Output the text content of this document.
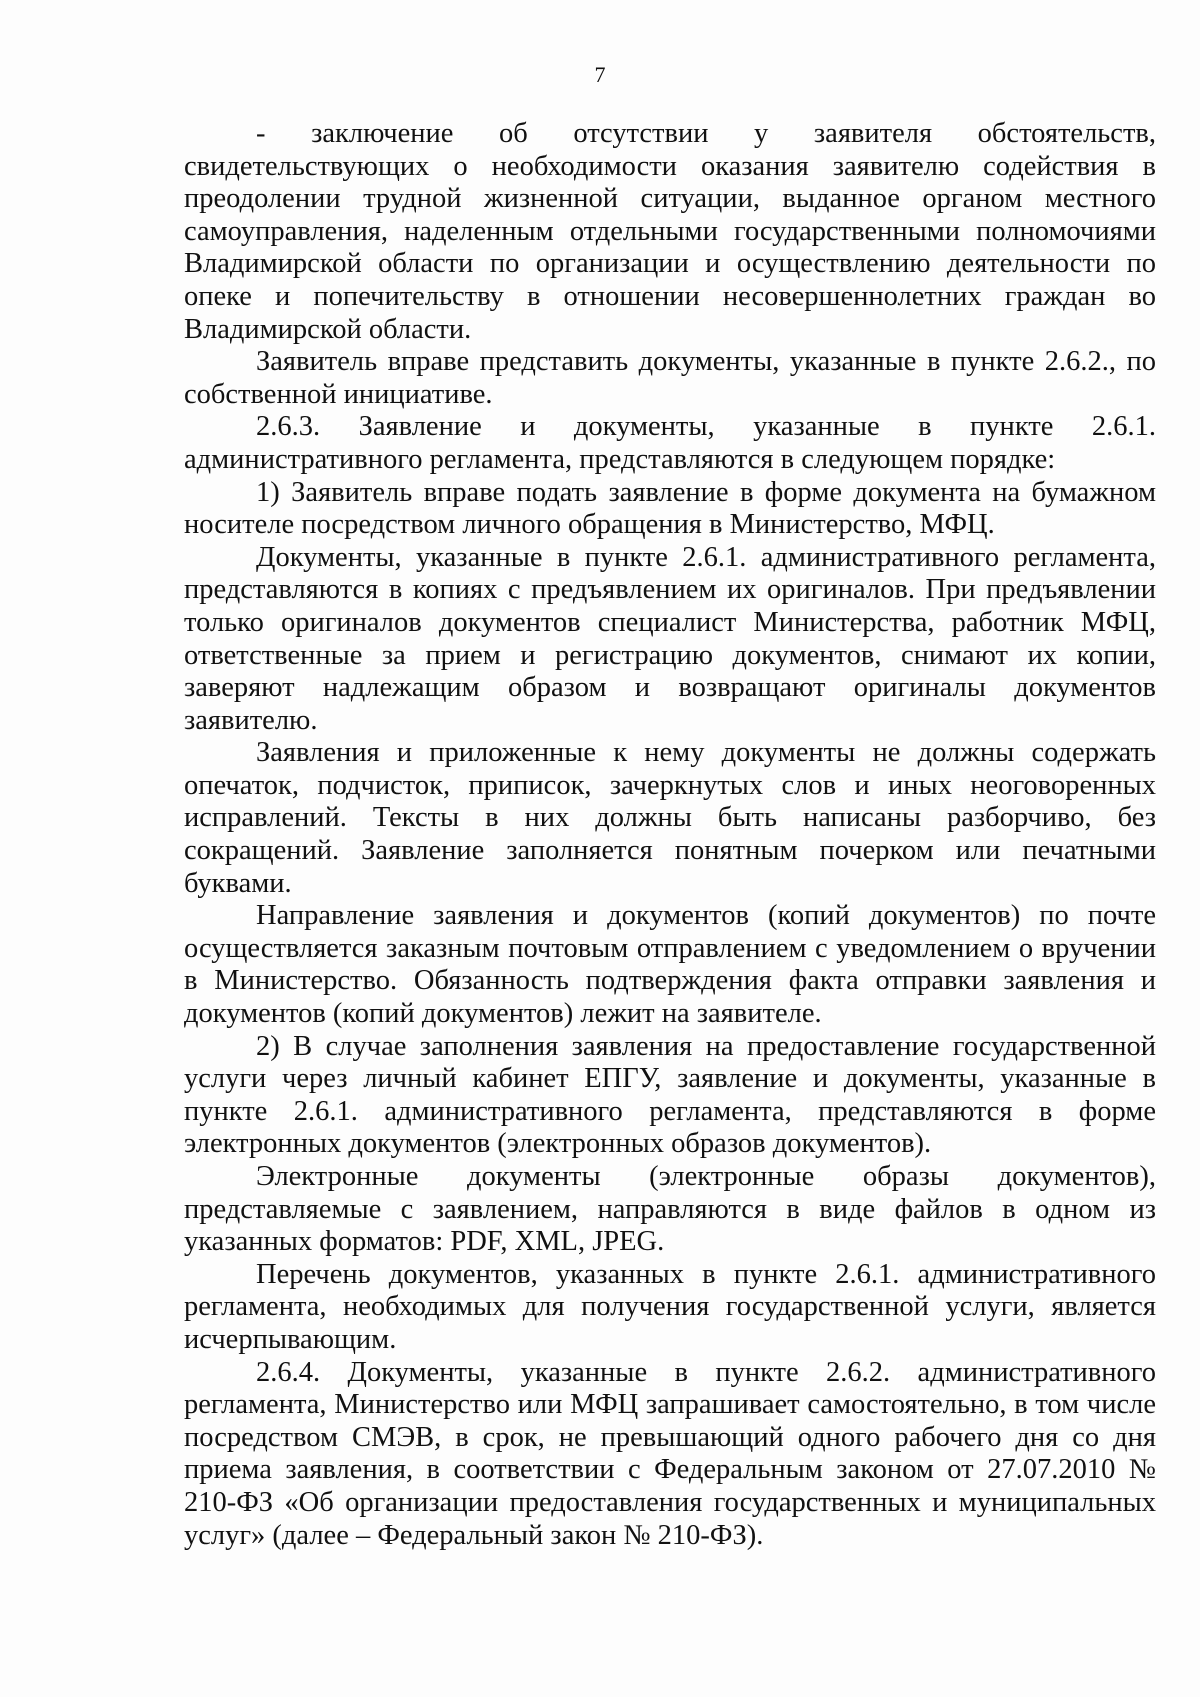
7

- заключение об отсутствии у заявителя обстоятельств, свидетельствующих о необходимости оказания заявителю содействия в преодолении трудной жизненной ситуации, выданное органом местного самоуправления, наделенным отдельными государственными полномочиями Владимирской области по организации и осуществлению деятельности по опеке и попечительству в отношении несовершеннолетних граждан во Владимирской области.

Заявитель вправе представить документы, указанные в пункте 2.6.2., по собственной инициативе.

2.6.3. Заявление и документы, указанные в пункте 2.6.1. административного регламента, представляются в следующем порядке:

1) Заявитель вправе подать заявление в форме документа на бумажном носителе посредством личного обращения в Министерство, МФЦ.

Документы, указанные в пункте 2.6.1. административного регламента, представляются в копиях с предъявлением их оригиналов. При предъявлении только оригиналов документов специалист Министерства, работник МФЦ, ответственные за прием и регистрацию документов, снимают их копии, заверяют надлежащим образом и возвращают оригиналы документов заявителю.

Заявления и приложенные к нему документы не должны содержать опечаток, подчисток, приписок, зачеркнутых слов и иных неоговоренных исправлений. Тексты в них должны быть написаны разборчиво, без сокращений. Заявление заполняется понятным почерком или печатными буквами.

Направление заявления и документов (копий документов) по почте осуществляется заказным почтовым отправлением с уведомлением о вручении в Министерство. Обязанность подтверждения факта отправки заявления и документов (копий документов) лежит на заявителе.

2) В случае заполнения заявления на предоставление государственной услуги через личный кабинет ЕПГУ, заявление и документы, указанные в пункте 2.6.1. административного регламента, представляются в форме электронных документов (электронных образов документов).

Электронные документы (электронные образы документов), представляемые с заявлением, направляются в виде файлов в одном из указанных форматов: PDF, XML, JPEG.

Перечень документов, указанных в пункте 2.6.1. административного регламента, необходимых для получения государственной услуги, является исчерпывающим.

2.6.4. Документы, указанные в пункте 2.6.2. административного регламента, Министерство или МФЦ запрашивает самостоятельно, в том числе посредством СМЭВ, в срок, не превышающий одного рабочего дня со дня приема заявления, в соответствии с Федеральным законом от 27.07.2010 № 210-ФЗ «Об организации предоставления государственных и муниципальных услуг» (далее – Федеральный закон № 210-ФЗ).
